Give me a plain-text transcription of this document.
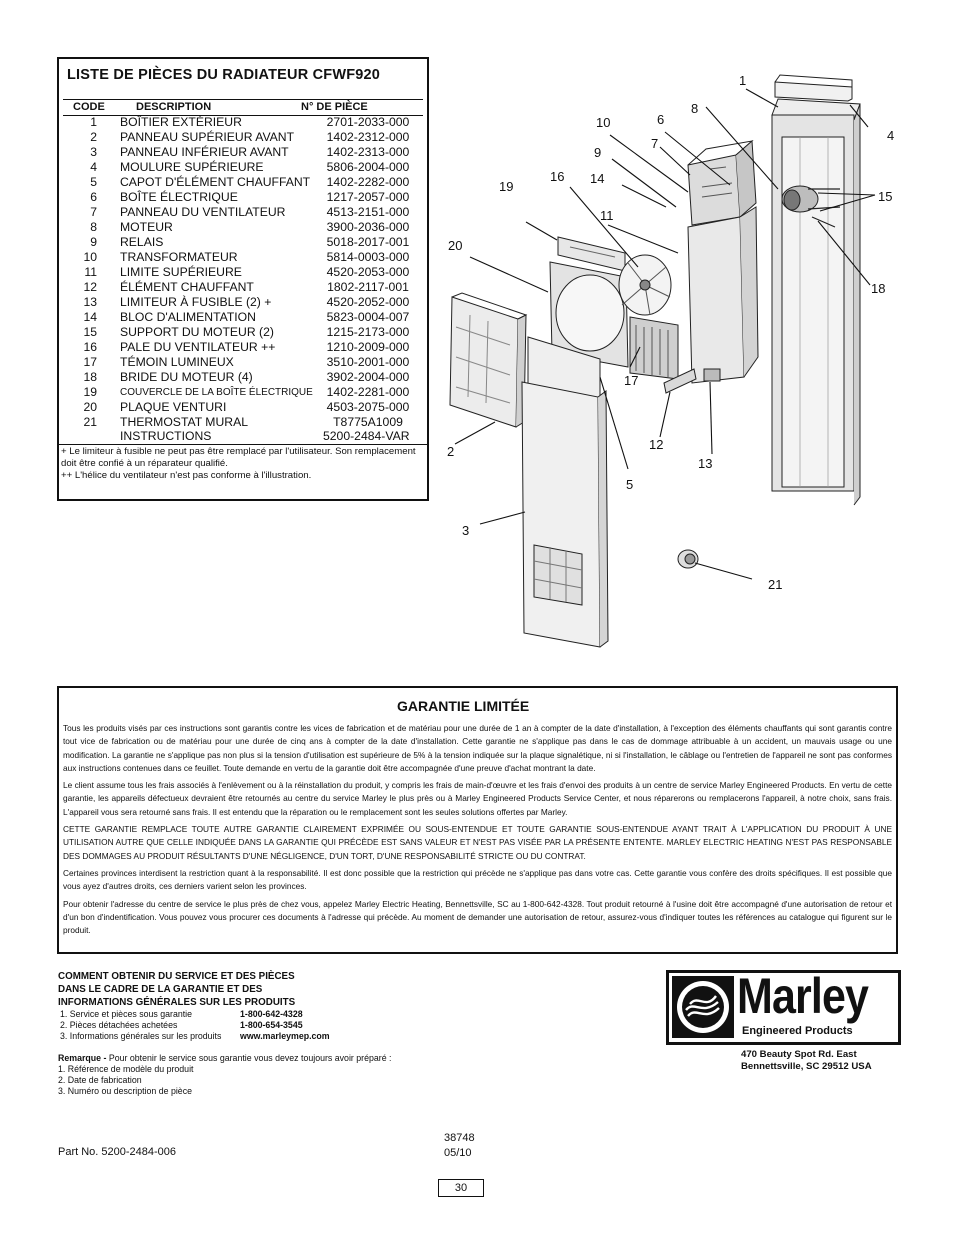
LISTE DE PIÈCES DU RADIATEUR CFWF920
CODE	DESCRIPTION	N° DE PIÈCE
1 BOÎTIER EXTÉRIEUR	2701-2033-000
2 PANNEAU SUPÉRIEUR AVANT	1402-2312-000
3 PANNEAU INFÉRIEUR AVANT	1402-2313-000
4 MOULURE SUPÉRIEURE	5806-2004-000
5 CAPOT D'ÉLÉMENT CHAUFFANT 1402-2282-000
6 BOÎTE ÉLECTRIQUE	1217-2057-000
7 PANNEAU DU VENTILATEUR	4513-2151-000
8 MOTEUR	3900-2036-000
9 RELAIS	5018-2017-001
10 TRANSFORMATEUR	5814-0003-000
11 LIMITE SUPÉRIEURE	4520-2053-000
12 ÉLÉMENT CHAUFFANT	1802-2117-001
13 LIMITEUR À FUSIBLE (2) +	4520-2052-000
14 BLOC D'ALIMENTATION	5823-0004-007
15 SUPPORT DU MOTEUR (2)	1215-2173-000
16 PALE DU VENTILATEUR ++	1210-2009-000
17 TÉMOIN LUMINEUX	3510-2001-000
18 BRIDE DU MOTEUR (4)	3902-2004-000
19 COUVERCLE DE LA BOÎTE ÉLECTRIQUE 1402-2281-000
20 PLAQUE VENTURI	4503-2075-000
21 THERMOSTAT MURAL	T8775A1009
INSTRUCTIONS	5200-2484-VAR

+ Le limiteur à fusible ne peut pas être remplacé par l'utilisateur. Son remplacement doit être confié à un réparateur qualifié.

++ L'hélice du ventilateur n'est pas conforme à l'illustration.

1
2
3
4
5
6
7
8
9
10
11
12
13
14
15
16
17
18
19
20
21
GARANTIE LIMITÉE

Tous les produits visés par ces instructions sont garantis contre les vices de fabrication et de matériau pour une durée de 1 an à compter de la date d'installation, à l'exception des éléments chauffants qui sont garantis contre tout vice de fabrication ou de matériau pour une durée de cinq ans à compter de la date d'installation. Cette garantie ne s'applique pas dans le cas de dommage attribuable à un accident, un mauvais usage ou une modification. La garantie ne s'applique pas non plus si la tension d'utilisation est supérieure de 5% à la tension indiquée sur la plaque signalétique, ni si l'installation, le câblage ou l'entretien de l'appareil ne sont pas conformes aux instructions contenues dans ce feuillet. Toute demande en vertu de la garantie doit être accompagnée d'une preuve d'achat montrant la date.

Le client assume tous les frais associés à l'enlèvement ou à la réinstallation du produit, y compris les frais de main-d'œuvre et les frais d'envoi des produits à un centre de service Marley Engineered Products. En vertu de cette garantie, les appareils défectueux devraient être retournés au centre du service Marley le plus près ou à Marley Engineered Products Service Center, et nous réparerons ou remplacerons l'appareil, à notre choix, sans frais. L'appareil vous sera retourné sans frais. Il est entendu que la réparation ou le remplacement sont les seules solutions offertes par Marley.

CETTE GARANTIE REMPLACE TOUTE AUTRE GARANTIE CLAIREMENT EXPRIMÉE OU SOUS-ENTENDUE ET TOUTE GARANTIE SOUS-ENTENDUE AYANT TRAIT À L'APPLICATION DU PRODUIT À UNE UTILISATION AUTRE QUE CELLE INDIQUÉE DANS LA GARANTIE QUI PRÉCÈDE EST SANS VALEUR ET N'EST PAS VISÉE PAR LA PRÉSENTE ENTENTE. MARLEY ELECTRIC HEATING N'EST PAS RESPONSABLE DES DOMMAGES AU PRODUIT RÉSULTANTS D'UNE NÉGLIGENCE, D'UN TORT, D'UNE RESPONSABILITÉ STRICTE OU DU CONTRAT.

Certaines provinces interdisent la restriction quant à la responsabilité. Il est donc possible que la restriction qui précède ne s'applique pas dans votre cas. Cette garantie vous confère des droits spécifiques. Il est possible que vous ayez d'autres droits, ces derniers varient selon les provinces.

Pour obtenir l'adresse du centre de service le plus près de chez vous, appelez Marley Electric Heating, Bennettsville, SC au 1-800-642-4328. Tout produit retourné à l'usine doit être accompagné d'une autorisation de retour et d'un bon d'indentification. Vous pouvez vous procurer ces documents à l'adresse qui précède. Au moment de demander une autorisation de retour, assurez-vous d'indiquer toutes les références au catalogue qui figurent sur le produit.

COMMENT OBTENIR DU SERVICE ET DES PIÈCES
DANS LE CADRE DE LA GARANTIE ET DES
INFORMATIONS GÉNÉRALES SUR LES PRODUITS
1. Service et pièces sous garantie	1-800-642-4328
2. Pièces détachées achetées	1-800-654-3545
3. Informations générales sur les produits www.marleymep.com
Remarque - Pour obtenir le service sous garantie vous devez toujours avoir préparé :
1. Référence de modèle du produit
2. Date de fabrication
3. Numéro ou description de pièce
Marley
Engineered Products
470 Beauty Spot Rd. East
Bennettsville, SC 29512 USA
38748
05/10
Part No. 5200-2484-006
30
